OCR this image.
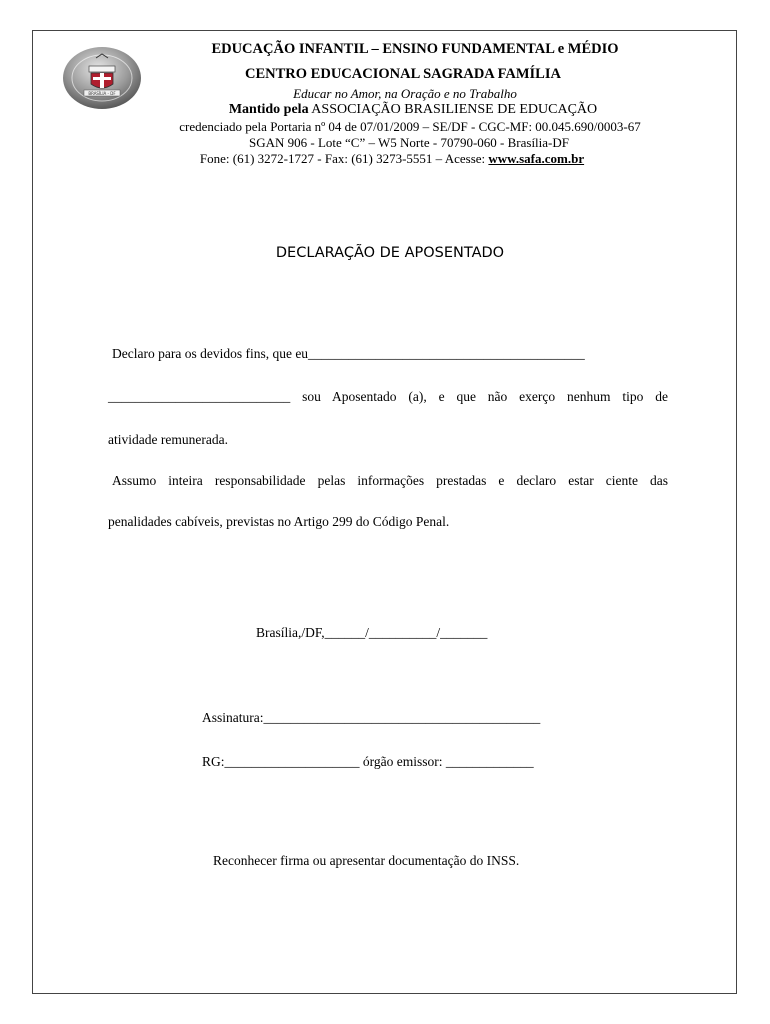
BRASÍLIA - DF
EDUCAÇÃO INFANTIL – ENSINO FUNDAMENTAL e MÉDIO
CENTRO EDUCACIONAL SAGRADA FAMÍLIA
Educar no Amor, na Oração e no Trabalho
Mantido pela ASSOCIAÇÃO BRASILIENSE DE EDUCAÇÃO
credenciado pela Portaria nº 04 de 07/01/2009 – SE/DF - CGC-MF: 00.045.690/0003-67
SGAN 906 - Lote “C” – W5 Norte - 70790-060 - Brasília-DF
Fone: (61) 3272-1727 - Fax: (61) 3273-5551 – Acesse: www.safa.com.br
DECLARAÇÃO DE APOSENTADO
Declaro para os devidos fins, que eu_________________________________________
___________________________ sou Aposentado (a), e que não exerço nenhum tipo de
atividade remunerada.
Assumo inteira responsabilidade pelas informações prestadas e declaro estar ciente das
penalidades cabíveis, previstas no Artigo 299 do Código Penal.
Brasília,/DF,______/__________/_______
Assinatura:_________________________________________
RG:____________________ órgão emissor: _____________
Reconhecer firma ou apresentar documentação do INSS.
